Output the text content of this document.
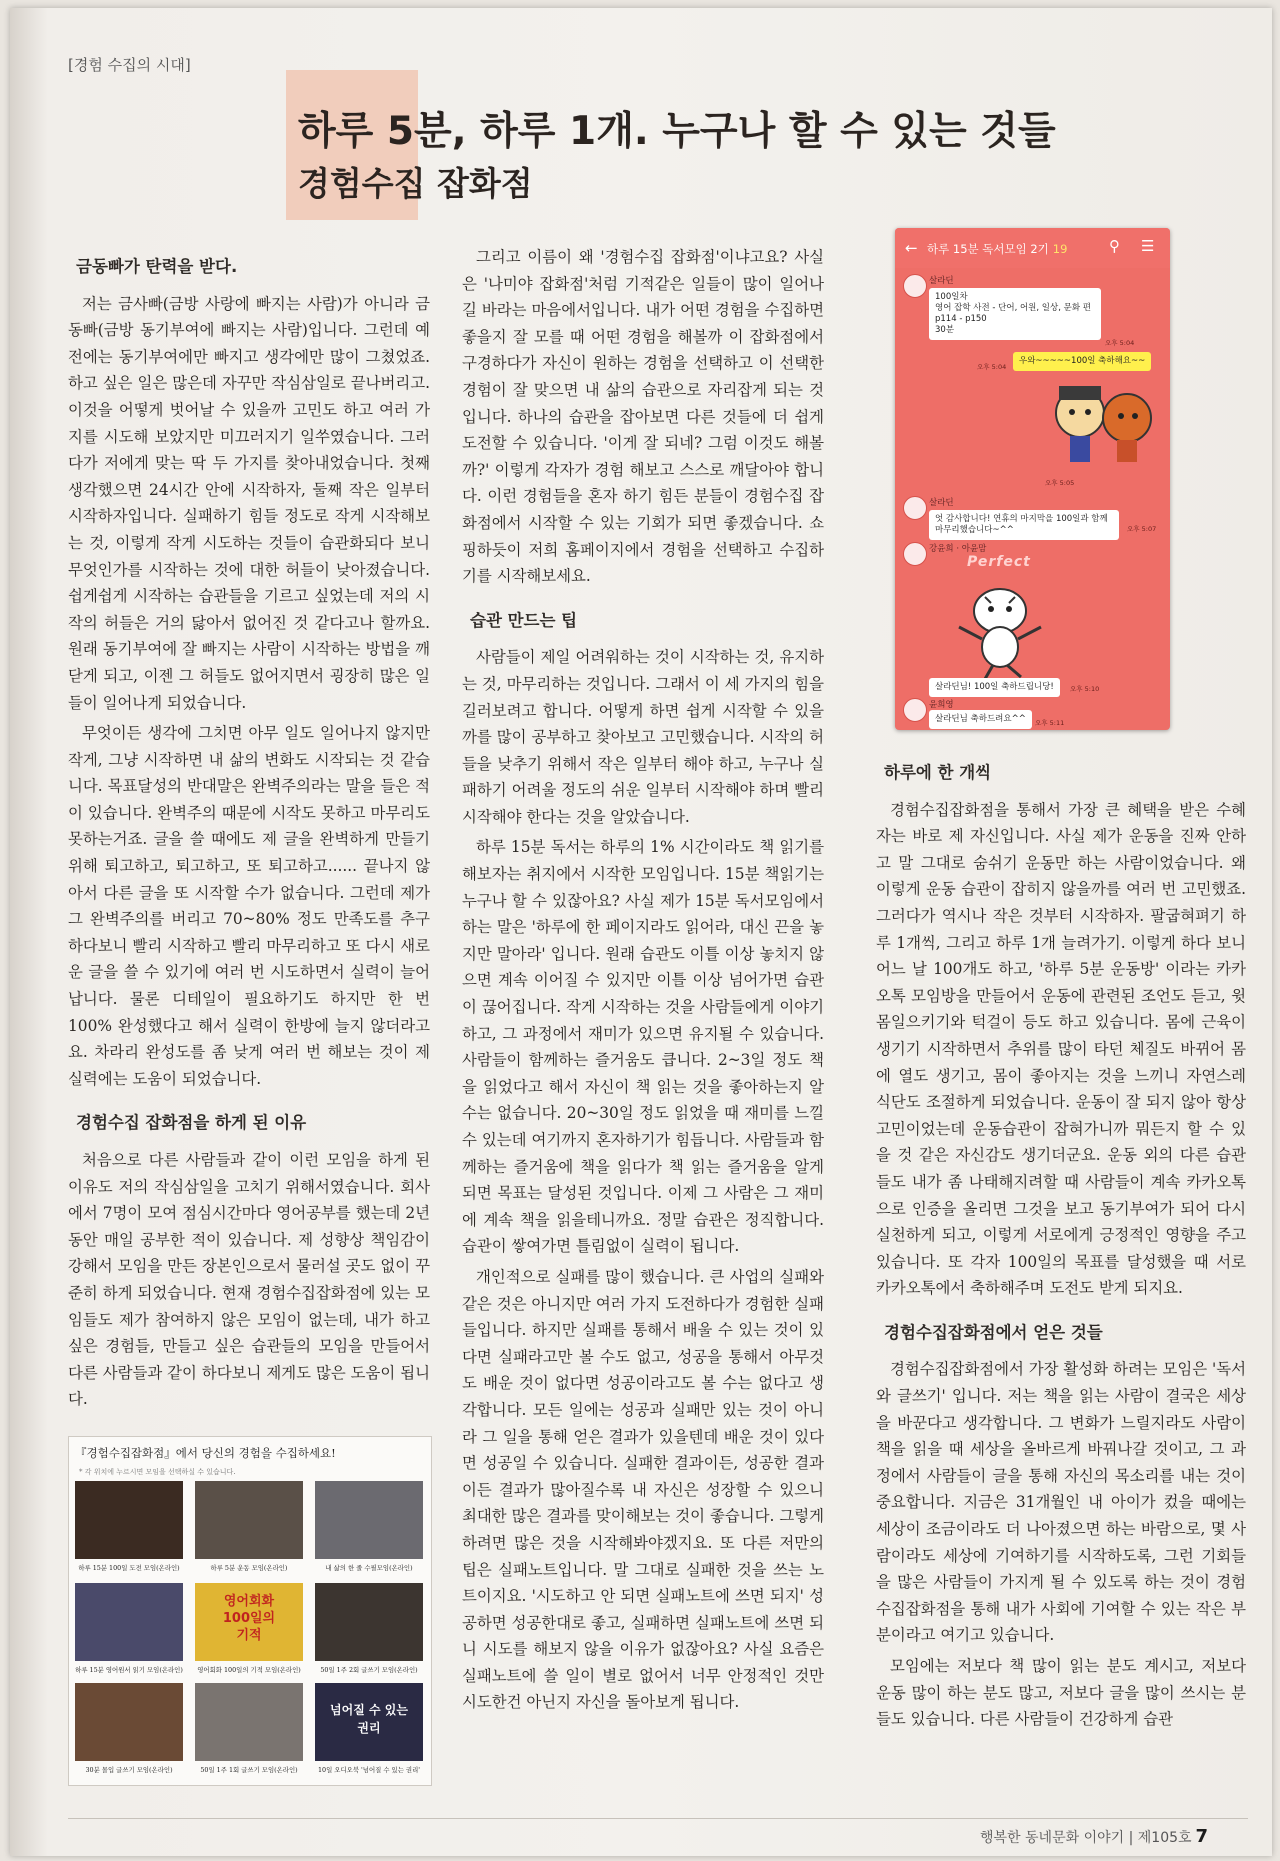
[경험 수집의 시대]
하루 5분, 하루 1개. 누구나 할 수 있는 것들
경험수집 잡화점
금동빠가 탄력을 받다.

저는 금사빠(금방 사랑에 빠지는 사람)가 아니라 금동빠(금방 동기부여에 빠지는 사람)입니다. 그런데 예전에는 동기부여에만 빠지고 생각에만 많이 그쳤었죠. 하고 싶은 일은 많은데 자꾸만 작심삼일로 끝나버리고. 이것을 어떻게 벗어날 수 있을까 고민도 하고 여러 가지를 시도해 보았지만 미끄러지기 일쑤였습니다. 그러다가 저에게 맞는 딱 두 가지를 찾아내었습니다. 첫째 생각했으면 24시간 안에 시작하자, 둘째 작은 일부터 시작하자입니다. 실패하기 힘들 정도로 작게 시작해보는 것, 이렇게 작게 시도하는 것들이 습관화되다 보니 무엇인가를 시작하는 것에 대한 허들이 낮아졌습니다. 쉽게쉽게 시작하는 습관들을 기르고 싶었는데 저의 시작의 허들은 거의 닳아서 없어진 것 같다고나 할까요. 원래 동기부여에 잘 빠지는 사람이 시작하는 방법을 깨닫게 되고, 이젠 그 허들도 없어지면서 굉장히 많은 일들이 일어나게 되었습니다.

무엇이든 생각에 그치면 아무 일도 일어나지 않지만 작게, 그냥 시작하면 내 삶의 변화도 시작되는 것 같습니다. 목표달성의 반대말은 완벽주의라는 말을 들은 적이 있습니다. 완벽주의 때문에 시작도 못하고 마무리도 못하는거죠. 글을 쓸 때에도 제 글을 완벽하게 만들기 위해 퇴고하고, 퇴고하고, 또 퇴고하고...... 끝나지 않아서 다른 글을 또 시작할 수가 없습니다. 그런데 제가 그 완벽주의를 버리고 70~80% 정도 만족도를 추구하다보니 빨리 시작하고 빨리 마무리하고 또 다시 새로운 글을 쓸 수 있기에 여러 번 시도하면서 실력이 늘어납니다. 물론 디테일이 필요하기도 하지만 한 번 100% 완성했다고 해서 실력이 한방에 늘지 않더라고요. 차라리 완성도를 좀 낮게 여러 번 해보는 것이 제 실력에는 도움이 되었습니다.

경험수집 잡화점을 하게 된 이유

처음으로 다른 사람들과 같이 이런 모임을 하게 된 이유도 저의 작심삼일을 고치기 위해서였습니다. 회사에서 7명이 모여 점심시간마다 영어공부를 했는데 2년 동안 매일 공부한 적이 있습니다. 제 성향상 책임감이 강해서 모임을 만든 장본인으로서 물러설 곳도 없이 꾸준히 하게 되었습니다. 현재 경험수집잡화점에 있는 모임들도 제가 참여하지 않은 모임이 없는데, 내가 하고 싶은 경험들, 만들고 싶은 습관들의 모임을 만들어서 다른 사람들과 같이 하다보니 제게도 많은 도움이 됩니다.

그리고 이름이 왜 '경험수집 잡화점'이냐고요? 사실은 '나미야 잡화점'처럼 기적같은 일들이 많이 일어나길 바라는 마음에서입니다. 내가 어떤 경험을 수집하면 좋을지 잘 모를 때 어떤 경험을 해볼까 이 잡화점에서 구경하다가 자신이 원하는 경험을 선택하고 이 선택한 경험이 잘 맞으면 내 삶의 습관으로 자리잡게 되는 것입니다. 하나의 습관을 잡아보면 다른 것들에 더 쉽게 도전할 수 있습니다. '이게 잘 되네? 그럼 이것도 해볼까?' 이렇게 각자가 경험 해보고 스스로 깨달아야 합니다. 이런 경험들을 혼자 하기 힘든 분들이 경험수집 잡화점에서 시작할 수 있는 기회가 되면 좋겠습니다. 쇼핑하듯이 저희 홈페이지에서 경험을 선택하고 수집하기를 시작해보세요.

습관 만드는 팁

사람들이 제일 어려워하는 것이 시작하는 것, 유지하는 것, 마무리하는 것입니다. 그래서 이 세 가지의 힘을 길러보려고 합니다. 어떻게 하면 쉽게 시작할 수 있을까를 많이 공부하고 찾아보고 고민했습니다. 시작의 허들을 낮추기 위해서 작은 일부터 해야 하고, 누구나 실패하기 어려울 정도의 쉬운 일부터 시작해야 하며 빨리 시작해야 한다는 것을 알았습니다.

하루 15분 독서는 하루의 1% 시간이라도 책 읽기를 해보자는 취지에서 시작한 모임입니다. 15분 책읽기는 누구나 할 수 있잖아요? 사실 제가 15분 독서모임에서 하는 말은 '하루에 한 페이지라도 읽어라, 대신 끈을 놓지만 말아라' 입니다. 원래 습관도 이틀 이상 놓치지 않으면 계속 이어질 수 있지만 이틀 이상 넘어가면 습관이 끊어집니다. 작게 시작하는 것을 사람들에게 이야기하고, 그 과정에서 재미가 있으면 유지될 수 있습니다. 사람들이 함께하는 즐거움도 큽니다. 2~3일 정도 책을 읽었다고 해서 자신이 책 읽는 것을 좋아하는지 알 수는 없습니다. 20~30일 정도 읽었을 때 재미를 느낄 수 있는데 여기까지 혼자하기가 힘듭니다. 사람들과 함께하는 즐거움에 책을 읽다가 책 읽는 즐거움을 알게 되면 목표는 달성된 것입니다. 이제 그 사람은 그 재미에 계속 책을 읽을테니까요. 정말 습관은 정직합니다. 습관이 쌓여가면 틀림없이 실력이 됩니다.

개인적으로 실패를 많이 했습니다. 큰 사업의 실패와 같은 것은 아니지만 여러 가지 도전하다가 경험한 실패들입니다. 하지만 실패를 통해서 배울 수 있는 것이 있다면 실패라고만 볼 수도 없고, 성공을 통해서 아무것도 배운 것이 없다면 성공이라고도 볼 수는 없다고 생각합니다. 모든 일에는 성공과 실패만 있는 것이 아니라 그 일을 통해 얻은 결과가 있을텐데 배운 것이 있다면 성공일 수 있습니다. 실패한 결과이든, 성공한 결과이든 결과가 많아질수록 내 자신은 성장할 수 있으니 최대한 많은 결과를 맞이해보는 것이 좋습니다. 그렇게 하려면 많은 것을 시작해봐야겠지요. 또 다른 저만의 팁은 실패노트입니다. 말 그대로 실패한 것을 쓰는 노트이지요. '시도하고 안 되면 실패노트에 쓰면 되지' 성공하면 성공한대로 좋고, 실패하면 실패노트에 쓰면 되니 시도를 해보지 않을 이유가 없잖아요? 사실 요즘은 실패노트에 쓸 일이 별로 없어서 너무 안정적인 것만 시도한건 아닌지 자신을 돌아보게 됩니다.

← 하루 15분 독서모임 2기 19	⚲ ☰
살라딘
100일차
영어 잡학 사전 - 단어, 어원, 일상, 문화 편
p114 - p150
30분
오후 5:04
오후 5:04
우와~~~~~100일 축하해요~~
오후 5:05
살라딘
엇 감사합니다! 연휴의 마지막을 100일과 함께 마무리했습니다~^^	오후 5:07
강윤희 · 아윤맘
Perfect
살라딘님! 100일 축하드립니당!	오후 5:10
윤희영
살라딘님 축하드려요^^	오후 5:11
하루에 한 개씩

경험수집잡화점을 통해서 가장 큰 혜택을 받은 수혜자는 바로 제 자신입니다. 사실 제가 운동을 진짜 안하고 말 그대로 숨쉬기 운동만 하는 사람이었습니다. 왜 이렇게 운동 습관이 잡히지 않을까를 여러 번 고민했죠. 그러다가 역시나 작은 것부터 시작하자. 팔굽혀펴기 하루 1개씩, 그리고 하루 1개 늘려가기. 이렇게 하다 보니 어느 날 100개도 하고, '하루 5분 운동방' 이라는 카카오톡 모임방을 만들어서 운동에 관련된 조언도 듣고, 윗몸일으키기와 턱걸이 등도 하고 있습니다. 몸에 근육이 생기기 시작하면서 추위를 많이 타던 체질도 바뀌어 몸에 열도 생기고, 몸이 좋아지는 것을 느끼니 자연스레 식단도 조절하게 되었습니다. 운동이 잘 되지 않아 항상 고민이었는데 운동습관이 잡혀가니까 뭐든지 할 수 있을 것 같은 자신감도 생기더군요. 운동 외의 다른 습관들도 내가 좀 나태해지려할 때 사람들이 계속 카카오톡으로 인증을 올리면 그것을 보고 동기부여가 되어 다시 실천하게 되고, 이렇게 서로에게 긍정적인 영향을 주고 있습니다. 또 각자 100일의 목표를 달성했을 때 서로 카카오톡에서 축하해주며 도전도 받게 되지요.

경험수집잡화점에서 얻은 것들

경험수집잡화점에서 가장 활성화 하려는 모임은 '독서와 글쓰기' 입니다. 저는 책을 읽는 사람이 결국은 세상을 바꾼다고 생각합니다. 그 변화가 느릴지라도 사람이 책을 읽을 때 세상을 올바르게 바꿔나갈 것이고, 그 과정에서 사람들이 글을 통해 자신의 목소리를 내는 것이 중요합니다. 지금은 31개월인 내 아이가 컸을 때에는 세상이 조금이라도 더 나아졌으면 하는 바람으로, 몇 사람이라도 세상에 기여하기를 시작하도록, 그런 기회들을 많은 사람들이 가지게 될 수 있도록 하는 것이 경험수집잡화점을 통해 내가 사회에 기여할 수 있는 작은 부분이라고 여기고 있습니다.

모임에는 저보다 책 많이 읽는 분도 계시고, 저보다 운동 많이 하는 분도 많고, 저보다 글을 많이 쓰시는 분들도 있습니다. 다른 사람들이 건강하게 습관

『경험수집잡화점』에서 당신의 경험을 수집하세요!
* 각 위치에 누르시면 모임을 선택하실 수 있습니다.
하루 15분 100일 도전 모임(온라인)	하루 5분 운동 모임(온라인)	내 삶의 한 줄 수필모임(온라인)
하루 15분 영어원서 읽기 모임(온라인)
영어회화
100일의
기적
영어회화 100일의 기적 모임(온라인)	50일 1주 2회 글쓰기 모임(온라인)
30분 몰입 글쓰기 모임(온라인)	50일 1주 1회 글쓰기 모임(온라인)
넘어질 수 있는
권리
10일 오디오북 '넘어질 수 있는 권리'
행복한 동네문화 이야기 | 제105호 7
